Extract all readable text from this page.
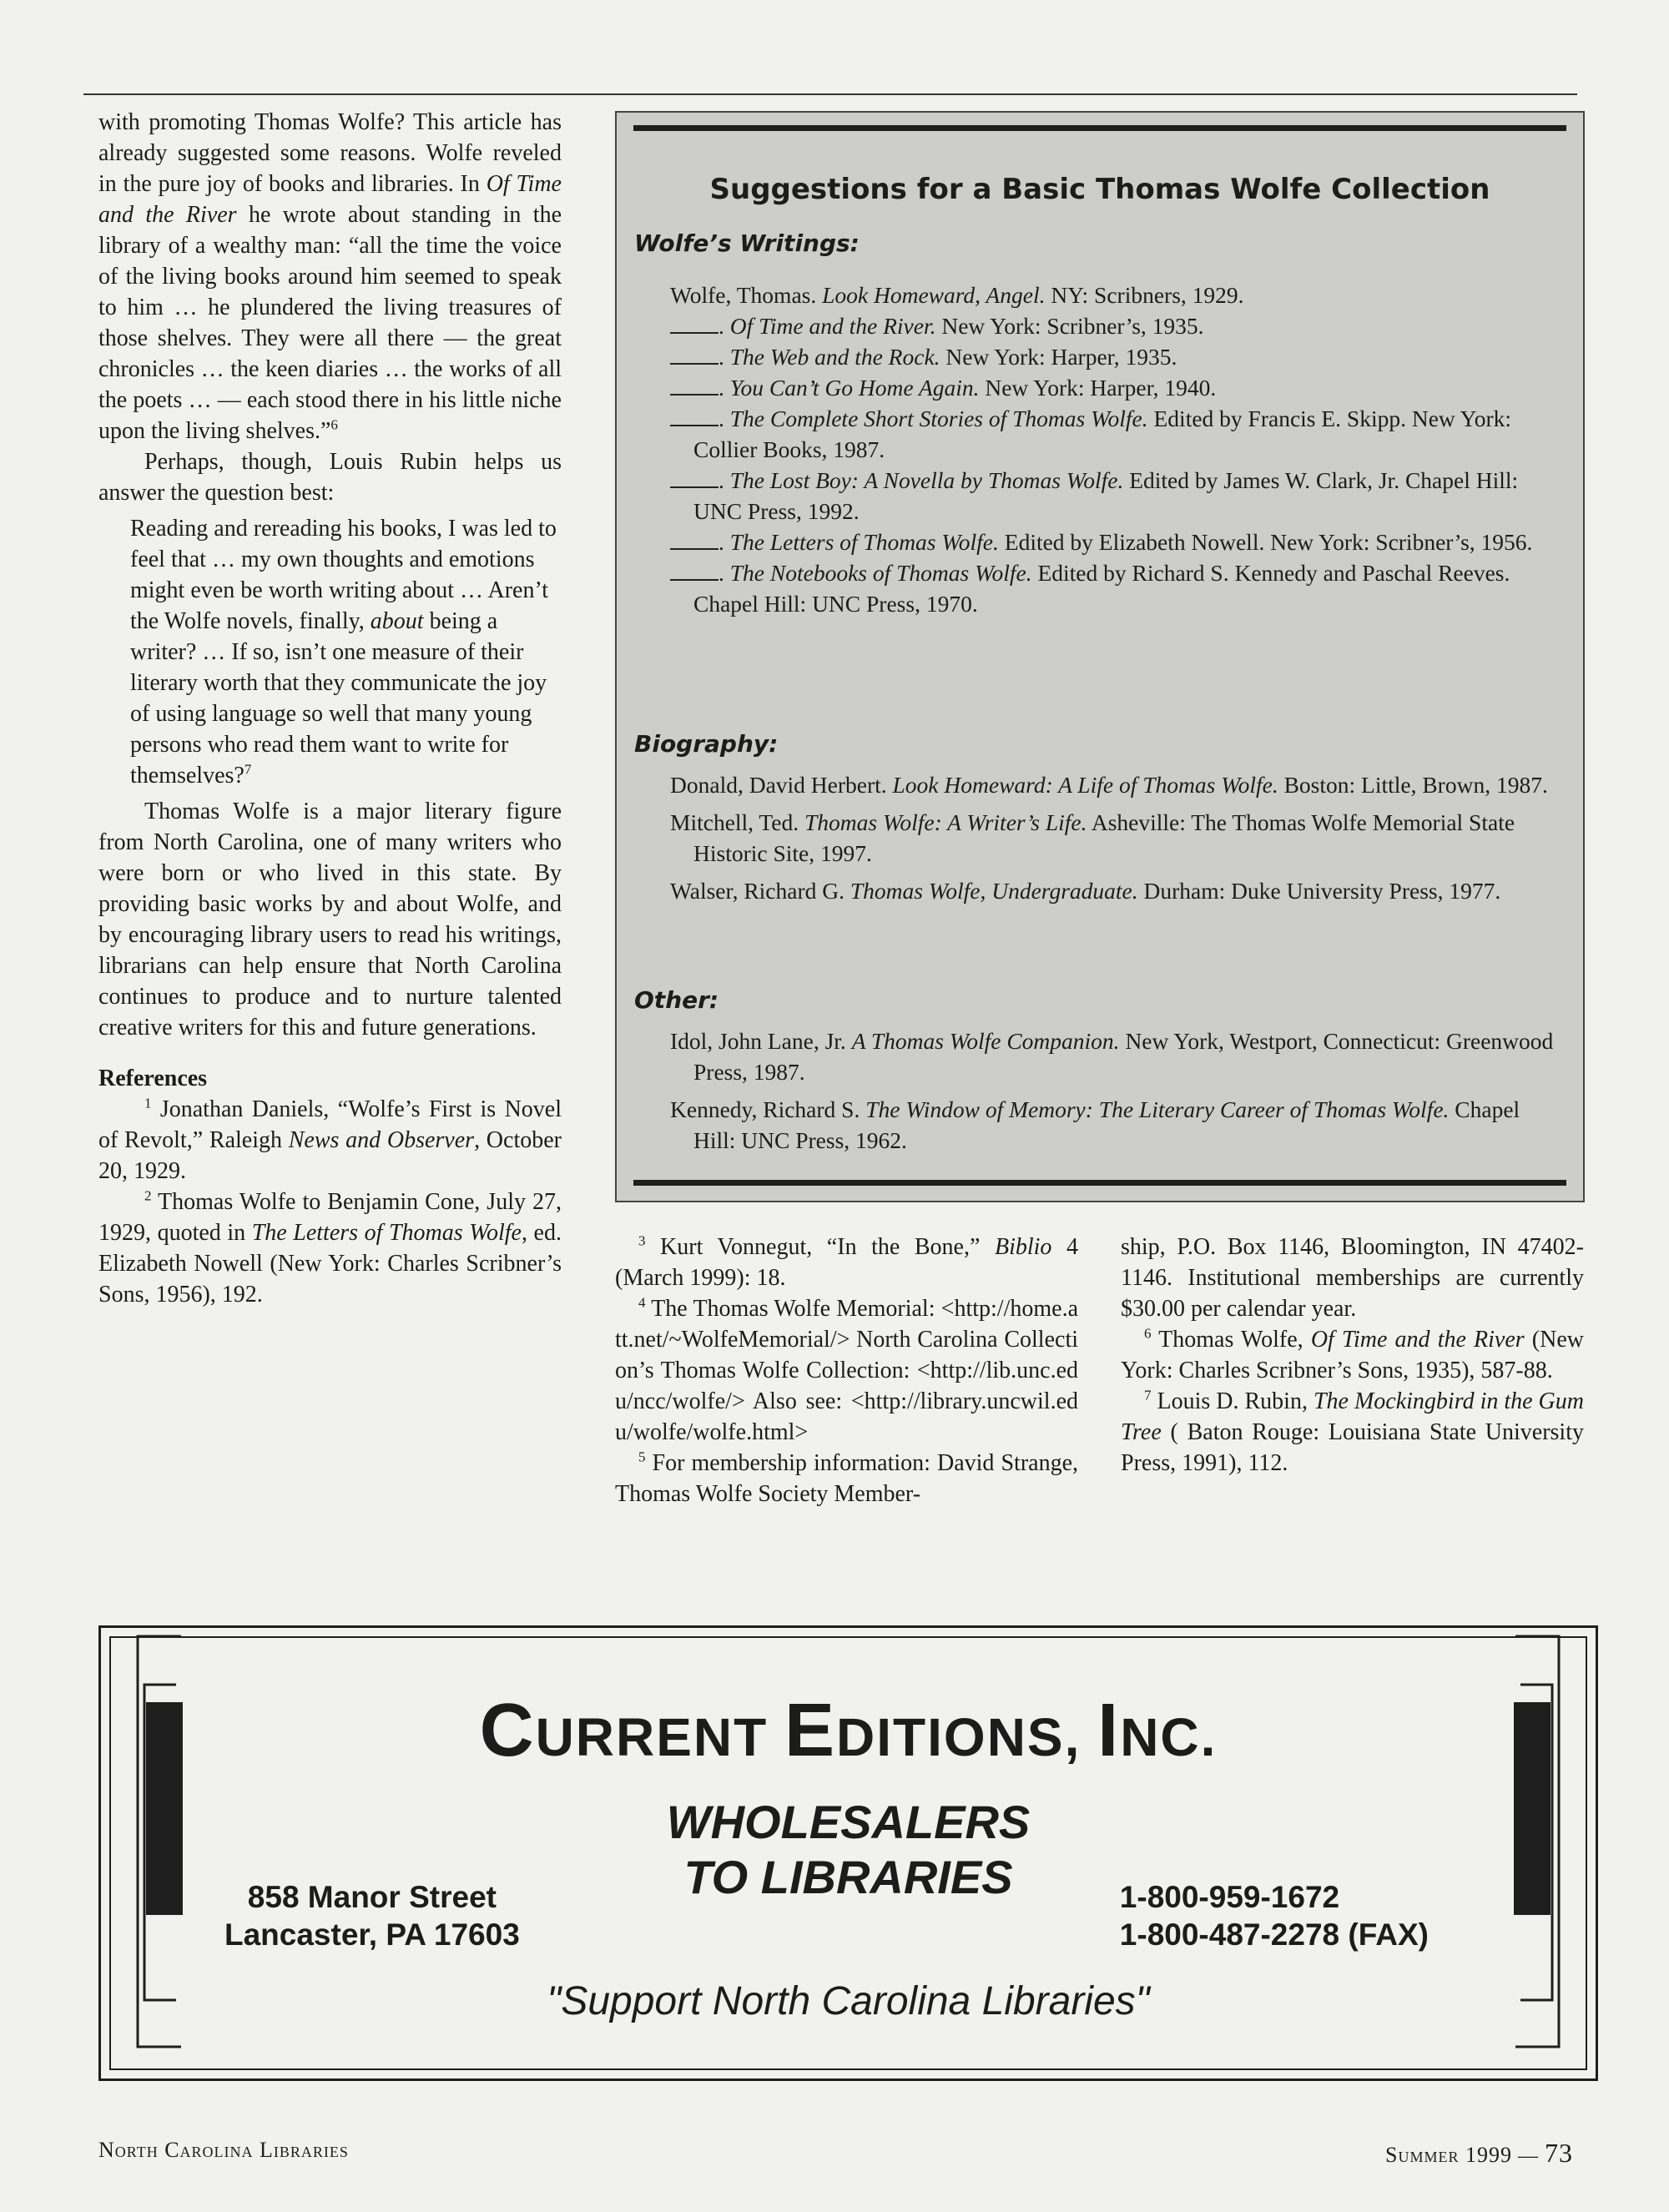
with promoting Thomas Wolfe? This article has already suggested some reasons. Wolfe reveled in the pure joy of books and libraries. In Of Time and the River he wrote about standing in the library of a wealthy man: “all the time the voice of the living books around him seemed to speak to him … he plundered the living treasures of those shelves. They were all there — the great chronicles … the keen diaries … the works of all the poets … — each stood there in his little niche upon the living shelves.”$^6$

Perhaps, though, Louis Rubin helps us answer the question best:

Reading and rereading his books, I was led to feel that … my own thoughts and emotions might even be worth writing about … Aren’t the Wolfe novels, finally, about being a writer? … If so, isn’t one measure of their literary worth that they communicate the joy of using language so well that many young persons who read them want to write for themselves?$^7$

Thomas Wolfe is a major literary figure from North Carolina, one of many writers who were born or who lived in this state. By providing basic works by and about Wolfe, and by encouraging library users to read his writings, librarians can help ensure that North Carolina continues to produce and to nurture talented creative writers for this and future generations.

References

$^1$ Jonathan Daniels, “Wolfe’s First is Novel of Revolt,” Raleigh News and Observer, October 20, 1929.

$^2$ Thomas Wolfe to Benjamin Cone, July 27, 1929, quoted in The Letters of Thomas Wolfe, ed. Elizabeth Nowell (New York: Charles Scribner’s Sons, 1956), 192.

Suggestions for a Basic Thomas Wolfe Collection
Wolfe’s Writings:

Wolfe, Thomas. Look Homeward, Angel. NY: Scribners, 1929.

. Of Time and the River. New York: Scribner’s, 1935.

. The Web and the Rock. New York: Harper, 1935.

. You Can’t Go Home Again. New York: Harper, 1940.

. The Complete Short Stories of Thomas Wolfe. Edited by Francis E. Skipp. New York: Collier Books, 1987.

. The Lost Boy: A Novella by Thomas Wolfe. Edited by James W. Clark, Jr. Chapel Hill: UNC Press, 1992.

. The Letters of Thomas Wolfe. Edited by Elizabeth Nowell. New York: Scribner’s, 1956.

. The Notebooks of Thomas Wolfe. Edited by Richard S. Kennedy and Paschal Reeves. Chapel Hill: UNC Press, 1970.

Biography:

Donald, David Herbert. Look Homeward: A Life of Thomas Wolfe. Boston: Little, Brown, 1987.

Mitchell, Ted. Thomas Wolfe: A Writer’s Life. Asheville: The Thomas Wolfe Memorial State Historic Site, 1997.

Walser, Richard G. Thomas Wolfe, Undergraduate. Durham: Duke University Press, 1977.

Other:

Idol, John Lane, Jr. A Thomas Wolfe Companion. New York, Westport, Connecticut: Greenwood Press, 1987.

Kennedy, Richard S. The Window of Memory: The Literary Career of Thomas Wolfe. Chapel Hill: UNC Press, 1962.

$^3$ Kurt Vonnegut, “In the Bone,” Biblio 4 (March 1999): 18.

$^4$ The Thomas Wolfe Memorial: <http://home.att.net/~WolfeMemorial/> North Carolina Collection’s Thomas Wolfe Collection: <http://lib.unc.edu/ncc/wolfe/> Also see: <http://library.uncwil.edu/wolfe/wolfe.html>

$^5$ For membership information: David Strange, Thomas Wolfe Society Member-

ship, P.O. Box 1146, Bloomington, IN 47402-1146. Institutional memberships are currently $30.00 per calendar year.

$^6$ Thomas Wolfe, Of Time and the River (New York: Charles Scribner’s Sons, 1935), 587-88.

$^7$ Louis D. Rubin, The Mockingbird in the Gum Tree ( Baton Rouge: Louisiana State University Press, 1991), 112.

CURRENT EDITIONS, INC.
WHOLESALERS
TO LIBRARIES
858 Manor Street
Lancaster, PA 17603
1-800-959-1672
1-800-487-2278 (FAX)
"Support North Carolina Libraries"
North Carolina Libraries	Summer 1999 — 73
